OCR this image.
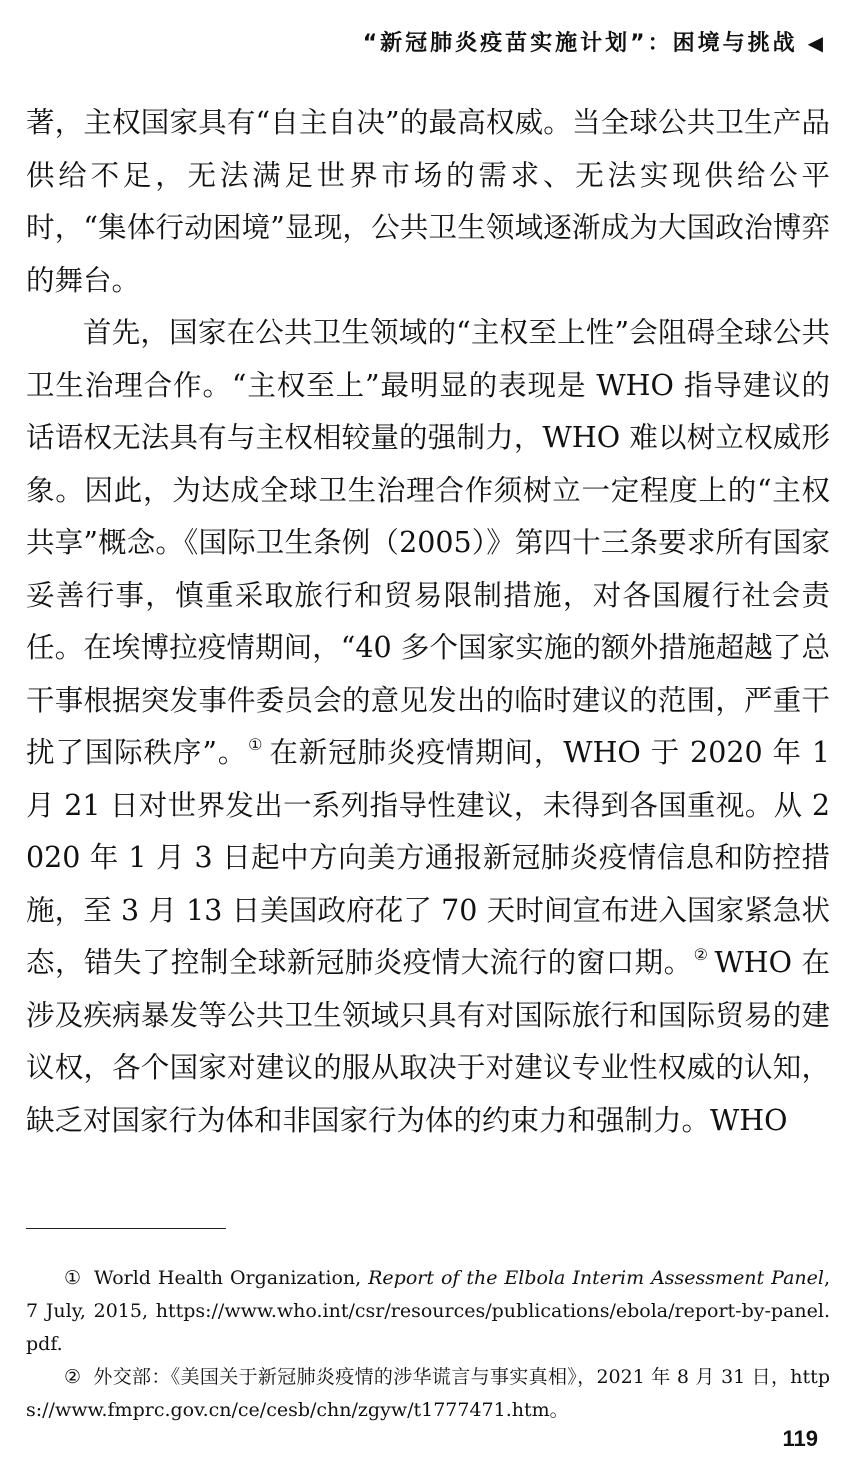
“新冠肺炎疫苗实施计划”：困境与挑战 ◀

著，主权国家具有“自主自决”的最高权威。当全球公共卫生产品供给不足，无法满足世界市场的需求、无法实现供给公平时，“集体行动困境”显现，公共卫生领域逐渐成为大国政治博弈的舞台。

首先，国家在公共卫生领域的“主权至上性”会阻碍全球公共卫生治理合作。“主权至上”最明显的表现是 WHO 指导建议的话语权无法具有与主权相较量的强制力，WHO 难以树立权威形象。因此，为达成全球卫生治理合作须树立一定程度上的“主权共享”概念。《国际卫生条例（2005）》第四十三条要求所有国家妥善行事，慎重采取旅行和贸易限制措施，对各国履行社会责任。在埃博拉疫情期间，“40 多个国家实施的额外措施超越了总干事根据突发事件委员会的意见发出的临时建议的范围，严重干扰了国际秩序”。① 在新冠肺炎疫情期间，WHO 于 2020 年 1 月 21 日对世界发出一系列指导性建议，未得到各国重视。从 2020 年 1 月 3 日起中方向美方通报新冠肺炎疫情信息和防控措施，至 3 月 13 日美国政府花了 70 天时间宣布进入国家紧急状态，错失了控制全球新冠肺炎疫情大流行的窗口期。② WHO 在涉及疾病暴发等公共卫生领域只具有对国际旅行和国际贸易的建议权，各个国家对建议的服从取决于对建议专业性权威的认知，缺乏对国家行为体和非国家行为体的约束力和强制力。WHO

① World Health Organization, Report of the Elbola Interim Assessment Panel, 7 July, 2015, https://www.who.int/csr/resources/publications/ebola/report-by-panel.pdf.

② 外交部：《美国关于新冠肺炎疫情的涉华谎言与事实真相》，2021 年 8 月 31 日，https://www.fmprc.gov.cn/ce/cesb/chn/zgyw/t1777471.htm。

119
